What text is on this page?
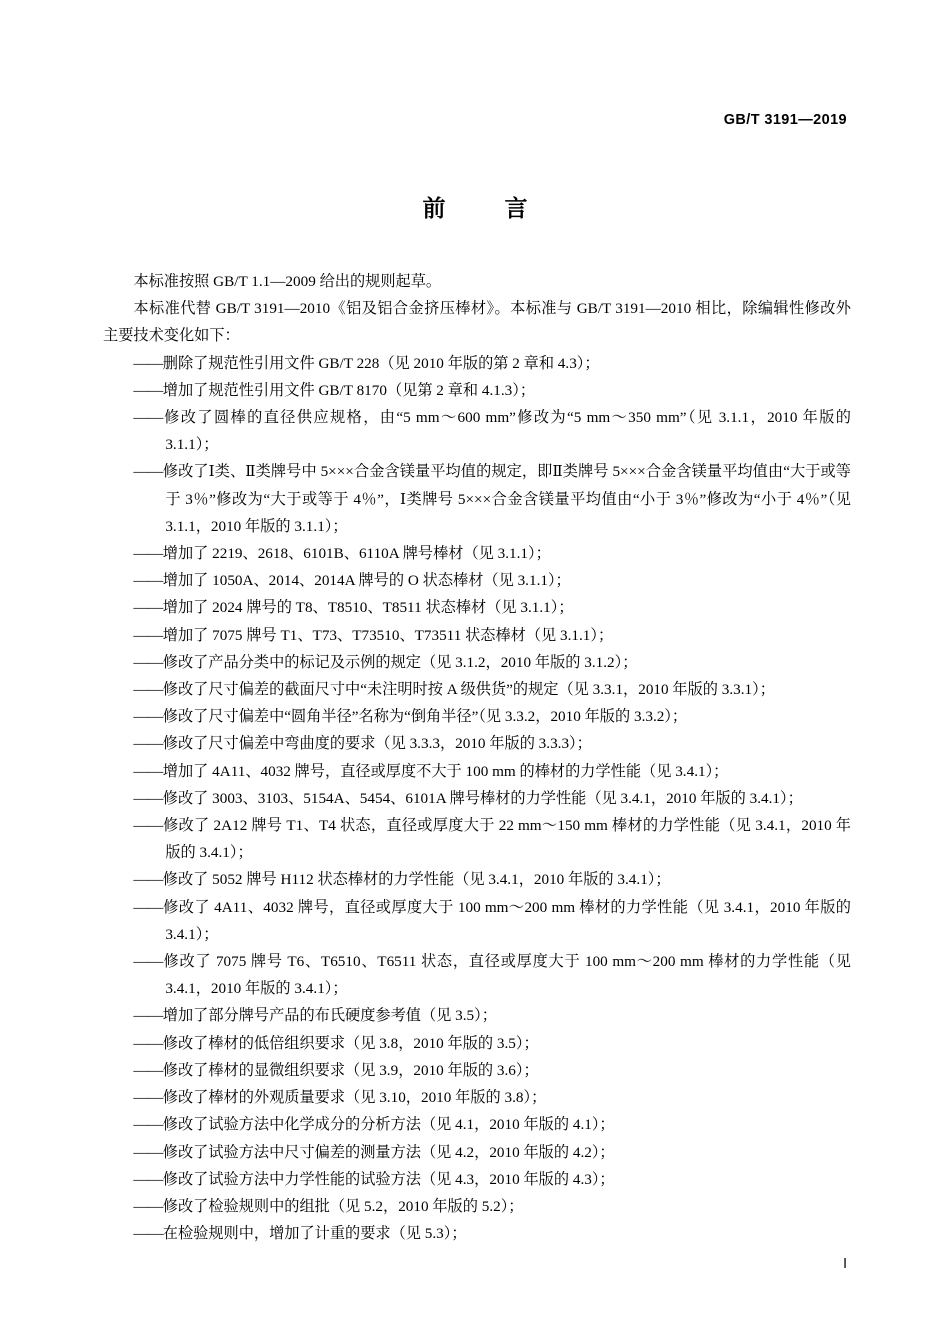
GB/T 3191—2019
前　言

本标准按照 GB/T 1.1—2009 给出的规则起草。

本标准代替 GB/T 3191—2010《铝及铝合金挤压棒材》。本标准与 GB/T 3191—2010 相比，除编辑性修改外主要技术变化如下：

——删除了规范性引用文件 GB/T 228（见 2010 年版的第 2 章和 4.3）；

——增加了规范性引用文件 GB/T 8170（见第 2 章和 4.1.3）；

——修改了圆棒的直径供应规格，由“5 mm～600 mm”修改为“5 mm～350 mm”（见 3.1.1，2010 年版的 3.1.1）；

——修改了Ⅰ类、Ⅱ类牌号中 5×××合金含镁量平均值的规定，即Ⅱ类牌号 5×××合金含镁量平均值由“大于或等于 3％”修改为“大于或等于 4％”，Ⅰ类牌号 5×××合金含镁量平均值由“小于 3％”修改为“小于 4％”（见 3.1.1，2010 年版的 3.1.1）；

——增加了 2219、2618、6101B、6110A 牌号棒材（见 3.1.1）；

——增加了 1050A、2014、2014A 牌号的 O 状态棒材（见 3.1.1）；

——增加了 2024 牌号的 T8、T8510、T8511 状态棒材（见 3.1.1）；

——增加了 7075 牌号 T1、T73、T73510、T73511 状态棒材（见 3.1.1）；

——修改了产品分类中的标记及示例的规定（见 3.1.2，2010 年版的 3.1.2）；

——修改了尺寸偏差的截面尺寸中“未注明时按 A 级供货”的规定（见 3.3.1，2010 年版的 3.3.1）；

——修改了尺寸偏差中“圆角半径”名称为“倒角半径”（见 3.3.2，2010 年版的 3.3.2）；

——修改了尺寸偏差中弯曲度的要求（见 3.3.3，2010 年版的 3.3.3）；

——增加了 4A11、4032 牌号，直径或厚度不大于 100 mm 的棒材的力学性能（见 3.4.1）；

——修改了 3003、3103、5154A、5454、6101A 牌号棒材的力学性能（见 3.4.1，2010 年版的 3.4.1）；

——修改了 2A12 牌号 T1、T4 状态，直径或厚度大于 22 mm～150 mm 棒材的力学性能（见 3.4.1，2010 年版的 3.4.1）；

——修改了 5052 牌号 H112 状态棒材的力学性能（见 3.4.1，2010 年版的 3.4.1）；

——修改了 4A11、4032 牌号，直径或厚度大于 100 mm～200 mm 棒材的力学性能（见 3.4.1，2010 年版的 3.4.1）；

——修改了 7075 牌号 T6、T6510、T6511 状态，直径或厚度大于 100 mm～200 mm 棒材的力学性能（见 3.4.1，2010 年版的 3.4.1）；

——增加了部分牌号产品的布氏硬度参考值（见 3.5）；

——修改了棒材的低倍组织要求（见 3.8，2010 年版的 3.5）；

——修改了棒材的显微组织要求（见 3.9，2010 年版的 3.6）；

——修改了棒材的外观质量要求（见 3.10，2010 年版的 3.8）；

——修改了试验方法中化学成分的分析方法（见 4.1，2010 年版的 4.1）；

——修改了试验方法中尺寸偏差的测量方法（见 4.2，2010 年版的 4.2）；

——修改了试验方法中力学性能的试验方法（见 4.3，2010 年版的 4.3）；

——修改了检验规则中的组批（见 5.2，2010 年版的 5.2）；

——在检验规则中，增加了计重的要求（见 5.3）；

Ⅰ
